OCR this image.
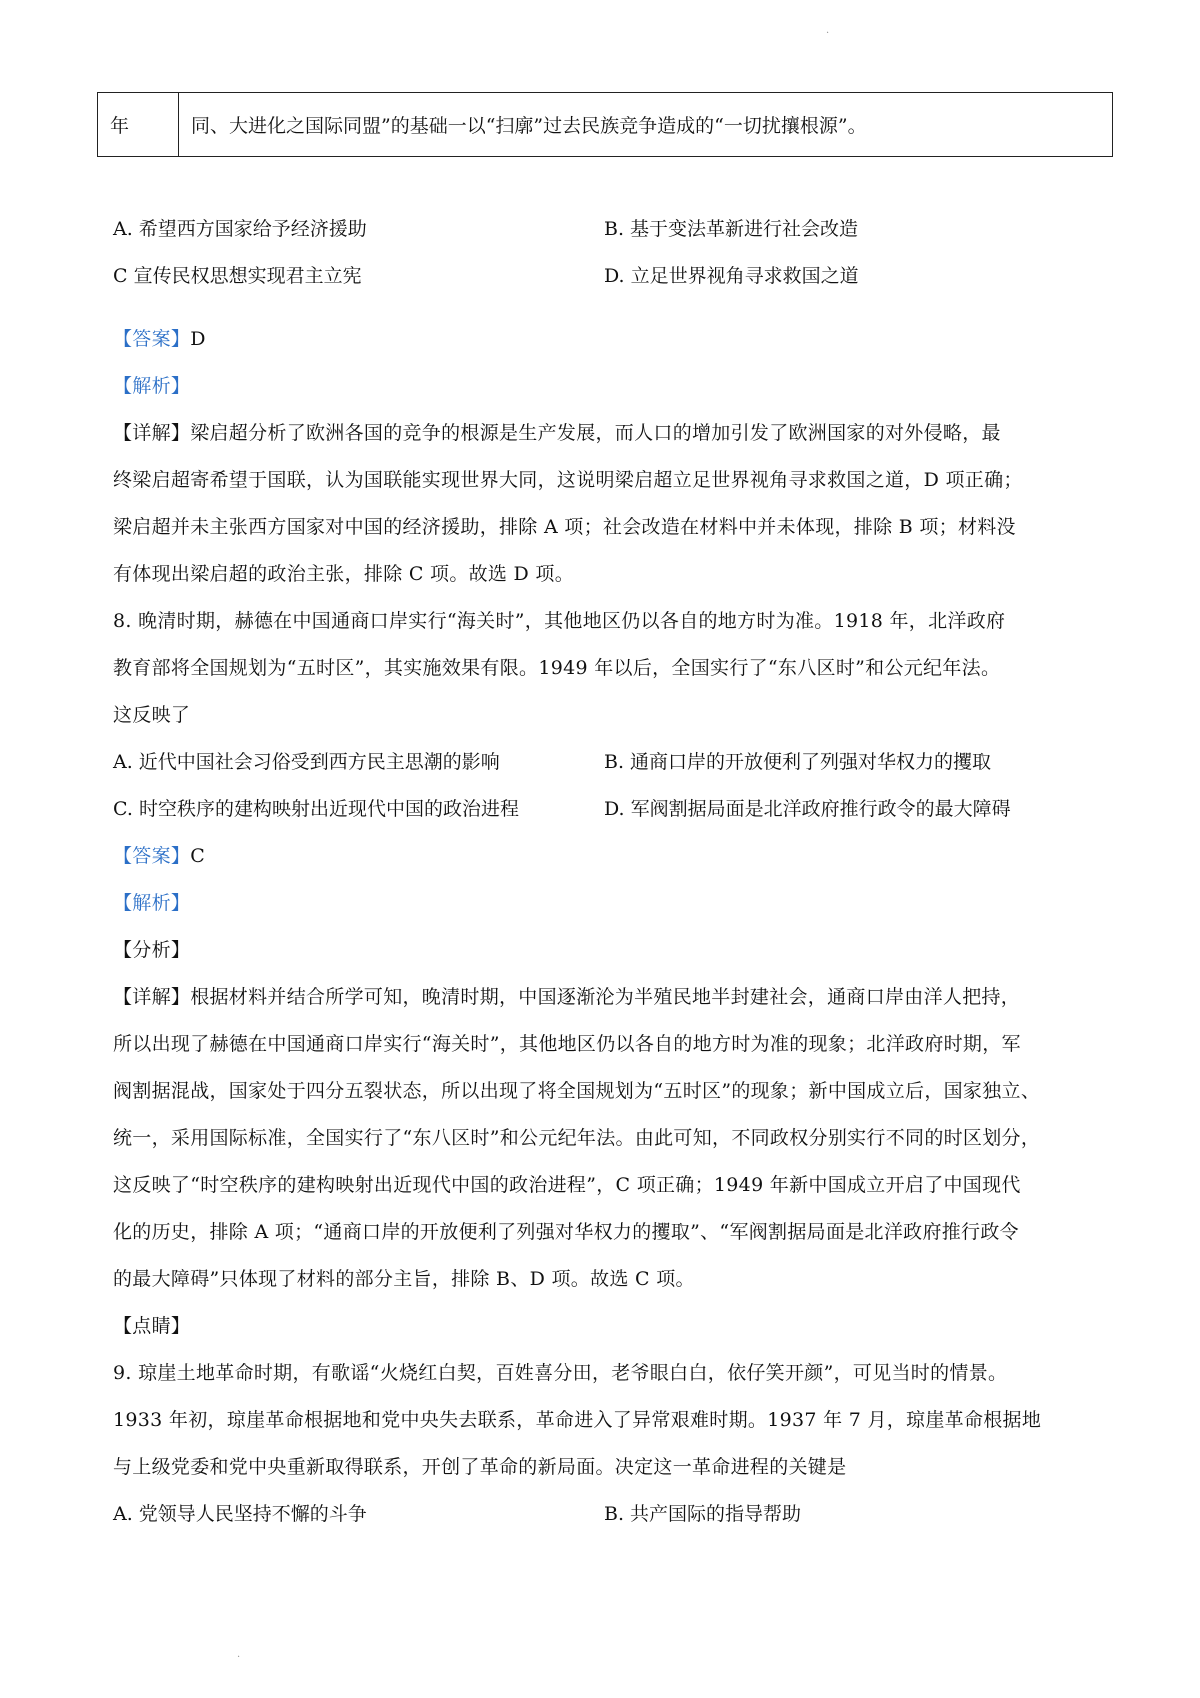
·
年	同、大进化之国际同盟”的基础一以“扫廓”过去民族竞争造成的“一切扰攘根源”。
A. 希望西方国家给予经济援助	B. 基于变法革新进行社会改造
C 宣传民权思想实现君主立宪	D. 立足世界视角寻求救国之道
【答案】D
【解析】
【详解】梁启超分析了欧洲各国的竞争的根源是生产发展，而人口的增加引发了欧洲国家的对外侵略，最
终梁启超寄希望于国联，认为国联能实现世界大同，这说明梁启超立足世界视角寻求救国之道，D 项正确；
梁启超并未主张西方国家对中国的经济援助，排除 A 项；社会改造在材料中并未体现，排除 B 项；材料没
有体现出梁启超的政治主张，排除 C 项。故选 D 项。
8. 晚清时期，赫德在中国通商口岸实行“海关时”，其他地区仍以各自的地方时为准。1918 年，北洋政府
教育部将全国规划为“五时区”，其实施效果有限。1949 年以后，全国实行了“东八区时”和公元纪年法。
这反映了
A. 近代中国社会习俗受到西方民主思潮的影响	B. 通商口岸的开放便利了列强对华权力的攫取
C. 时空秩序的建构映射出近现代中国的政治进程	D. 军阀割据局面是北洋政府推行政令的最大障碍
【答案】C
【解析】
【分析】
【详解】根据材料并结合所学可知，晚清时期，中国逐渐沦为半殖民地半封建社会，通商口岸由洋人把持，
所以出现了赫德在中国通商口岸实行“海关时”，其他地区仍以各自的地方时为准的现象；北洋政府时期，军
阀割据混战，国家处于四分五裂状态，所以出现了将全国规划为“五时区”的现象；新中国成立后，国家独立、
统一，采用国际标准，全国实行了“东八区时”和公元纪年法。由此可知，不同政权分别实行不同的时区划分，
这反映了“时空秩序的建构映射出近现代中国的政治进程”，C 项正确；1949 年新中国成立开启了中国现代
化的历史，排除 A 项；“通商口岸的开放便利了列强对华权力的攫取”、“军阀割据局面是北洋政府推行政令
的最大障碍”只体现了材料的部分主旨，排除 B、D 项。故选 C 项。
【点睛】
9. 琼崖土地革命时期，有歌谣“火烧红白契，百姓喜分田，老爷眼白白，依仔笑开颜”，可见当时的情景。
1933 年初，琼崖革命根据地和党中央失去联系，革命进入了异常艰难时期。1937 年 7 月，琼崖革命根据地
与上级党委和党中央重新取得联系，开创了革命的新局面。决定这一革命进程的关键是
A. 党领导人民坚持不懈的斗争	B. 共产国际的指导帮助
·
